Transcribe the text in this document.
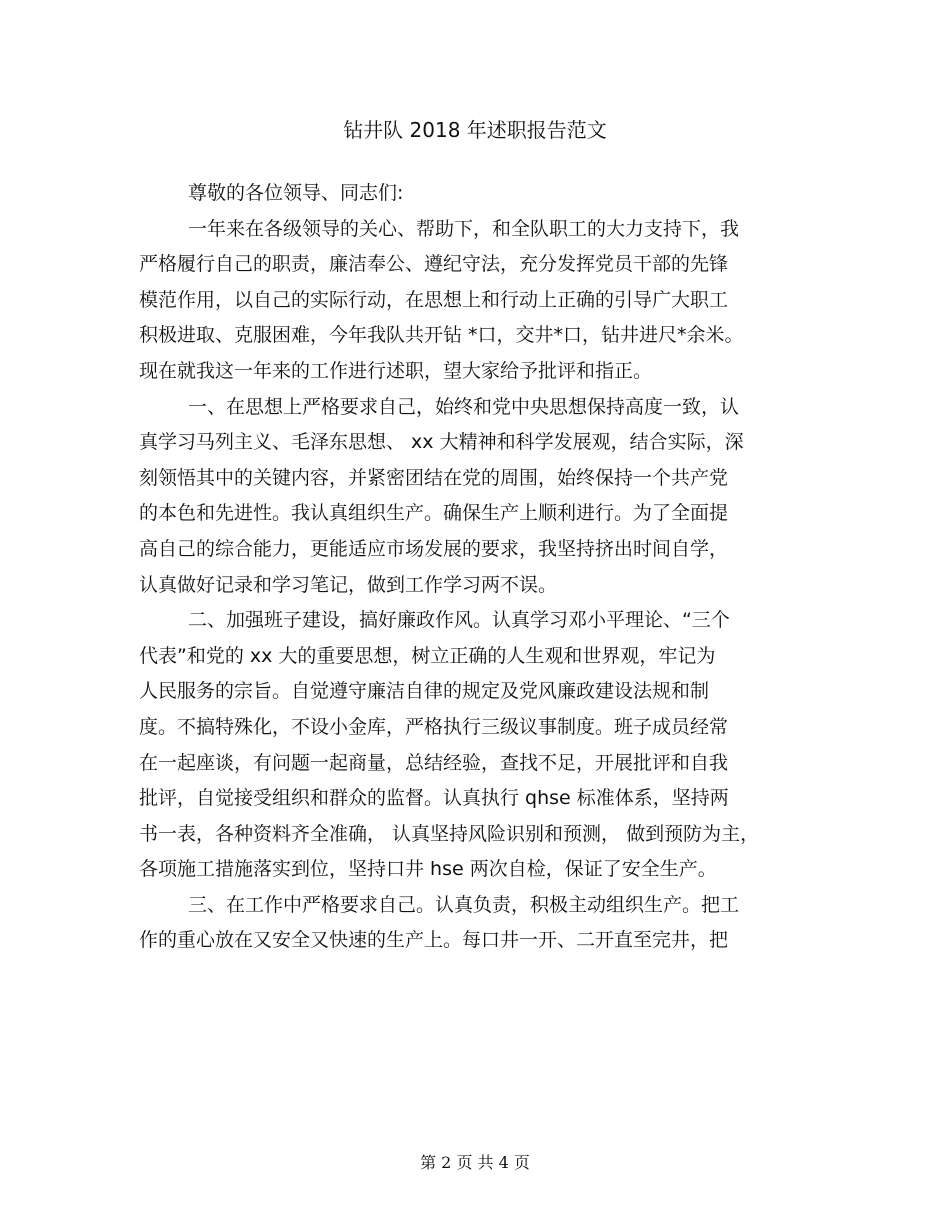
钻井队 2018 年述职报告范文
尊敬的各位领导、同志们:
一年来在各级领导的关心、帮助下，和全队职工的大力支持下，我
严格履行自己的职责，廉洁奉公、遵纪守法，充分发挥党员干部的先锋
模范作用，以自己的实际行动，在思想上和行动上正确的引导广大职工
积极进取、克服困难，今年我队共开钻 *口，交井*口，钻井进尺*余米。
现在就我这一年来的工作进行述职，望大家给予批评和指正。
一、在思想上严格要求自己，始终和党中央思想保持高度一致，认
真学习马列主义、毛泽东思想、 xx 大精神和科学发展观，结合实际，深
刻领悟其中的关键内容，并紧密团结在党的周围，始终保持一个共产党
的本色和先进性。我认真组织生产。确保生产上顺利进行。为了全面提
高自己的综合能力，更能适应市场发展的要求，我坚持挤出时间自学，
认真做好记录和学习笔记，做到工作学习两不误。
二、加强班子建设，搞好廉政作风。认真学习邓小平理论、“三个
代表”和党的 xx 大的重要思想，树立正确的人生观和世界观，牢记为
人民服务的宗旨。自觉遵守廉洁自律的规定及党风廉政建设法规和制
度。不搞特殊化，不设小金库，严格执行三级议事制度。班子成员经常
在一起座谈，有问题一起商量，总结经验，查找不足，开展批评和自我
批评，自觉接受组织和群众的监督。认真执行 qhse 标准体系，坚持两
书一表，各种资料齐全准确， 认真坚持风险识别和预测， 做到预防为主，
各项施工措施落实到位，坚持口井 hse 两次自检，保证了安全生产。
三、在工作中严格要求自己。认真负责，积极主动组织生产。把工
作的重心放在又安全又快速的生产上。每口井一开、二开直至完井，把
第 2 页 共 4 页
